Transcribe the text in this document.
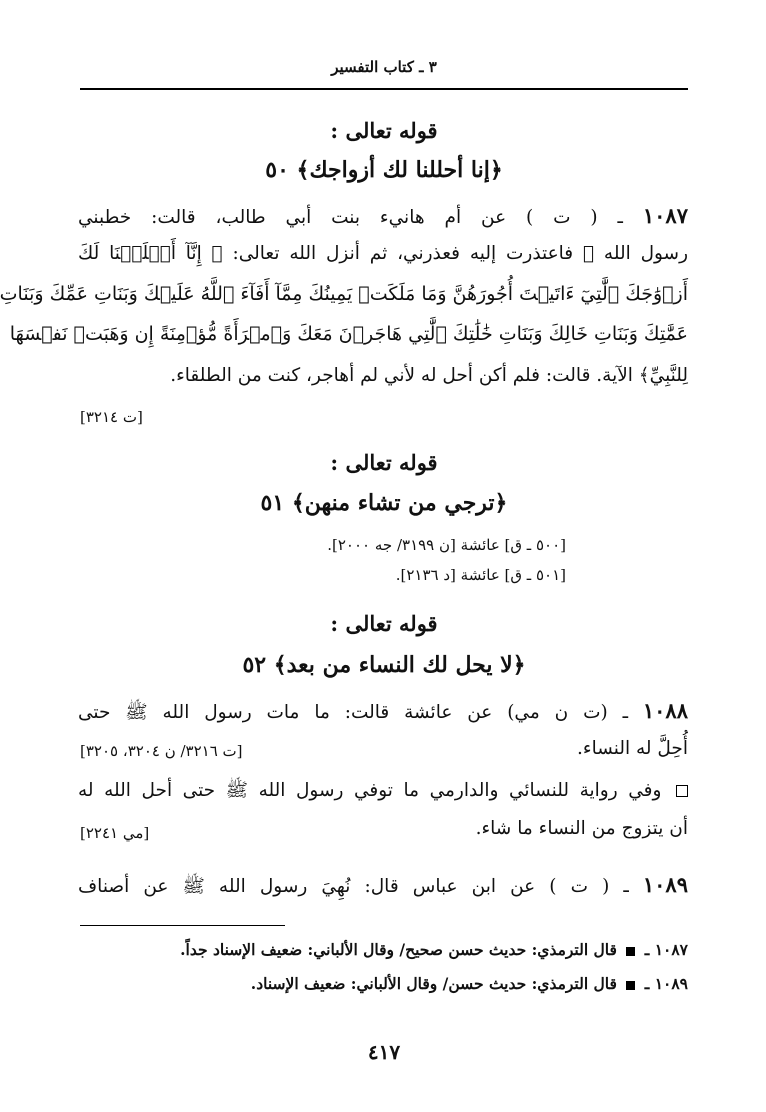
٣ ـ كتاب التفسير
قوله تعالى :
﴿إنا أحللنا لك أزواجك﴾ ٥٠
١٠٨٧ ـ ( ت ) عن أم هانيء بنت أبي طالب، قالت: خطبني
رسول الله ﷺ فاعتذرت إليه فعذرني، ثم أنزل الله تعالى: ﴿ إِنَّآ أَحۡلَلۡنَا لَكَ
أَزۡوَٰجَكَ ٱلَّٰتِيٓ ءَاتَيۡتَ أُجُورَهُنَّ وَمَا مَلَكَتۡ يَمِينُكَ مِمَّآ أَفَآءَ ٱللَّهُ عَلَيۡكَ وَبَنَاتِ عَمِّكَ وَبَنَاتِ
عَمَّٰتِكَ وَبَنَاتِ خَالِكَ وَبَنَاتِ خَٰلَٰتِكَ ٱلَّٰتِي هَاجَرۡنَ مَعَكَ وَٱمۡرَأَةً مُّؤۡمِنَةً إِن وَهَبَتۡ نَفۡسَهَا
لِلنَّبِيِّ﴾ الآية. قالت: فلم أكن أحل له لأني لم أهاجر، كنت من الطلقاء.
[ت ٣٢١٤]
قوله تعالى :
﴿ترجي من تشاء منهن﴾ ٥١
[٥٠٠ ـ ق] عائشة [ن ٣١٩٩/ جه ٢٠٠٠].
[٥٠١ ـ ق] عائشة [د ٢١٣٦].
قوله تعالى :
﴿لا يحل لك النساء من بعد﴾ ٥٢
١٠٨٨ ـ (ت ن مي) عن عائشة قالت: ما مات رسول الله ﷺ حتى
أُحِلَّ له النساء.
[ت ٣٢١٦/ ن ٣٢٠٤، ٣٢٠٥]
وفي رواية للنسائي والدارمي ما توفي رسول الله ﷺ حتى أحل الله له
أن يتزوج من النساء ما شاء.
[مي ٢٢٤١]
١٠٨٩ ـ ( ت ) عن ابن عباس قال: نُهِيَ رسول الله ﷺ عن أصناف
١٠٨٧ ـ  قال الترمذي: حديث حسن صحيح/ وقال الألباني: ضعيف الإسناد جداً.
١٠٨٩ ـ  قال الترمذي: حديث حسن/ وقال الألباني: ضعيف الإسناد.
٤١٧
